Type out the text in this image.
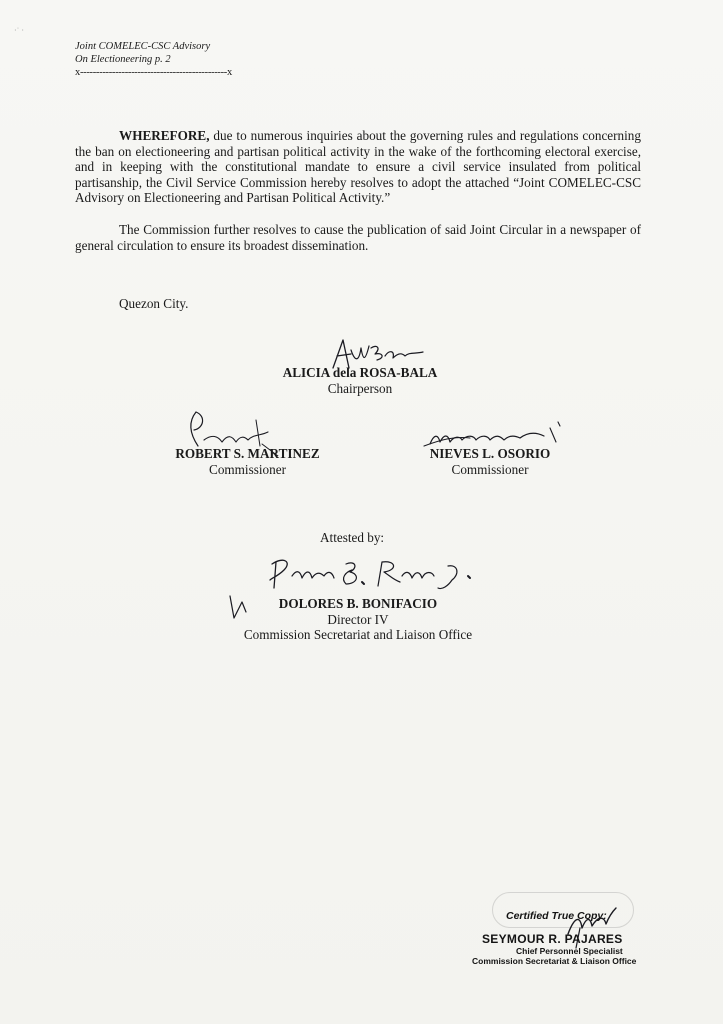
·˙ ·
Joint COMELEC-CSC Advisory
On Electioneering p. 2
x----------------------------------------------x

WHEREFORE, due to numerous inquiries about the governing rules and regulations concerning the ban on electioneering and partisan political activity in the wake of the forthcoming electoral exercise, and in keeping with the constitutional mandate to ensure a civil service insulated from political partisanship, the Civil Service Commission hereby resolves to adopt the attached “Joint COMELEC-CSC Advisory on Electioneering and Partisan Political Activity.”

The Commission further resolves to cause the publication of said Joint Circular in a newspaper of general circulation to ensure its broadest dissemination.

Quezon City.
ALICIA dela ROSA-BALA
Chairperson
ROBERT S. MARTINEZ
Commissioner
NIEVES L. OSORIO
Commissioner
Attested by:
DOLORES B. BONIFACIO
Director IV
Commission Secretariat and Liaison Office
Certified True Copy:
SEYMOUR R. PAJARES
Chief Personnel Specialist
Commission Secretariat & Liaison Office
